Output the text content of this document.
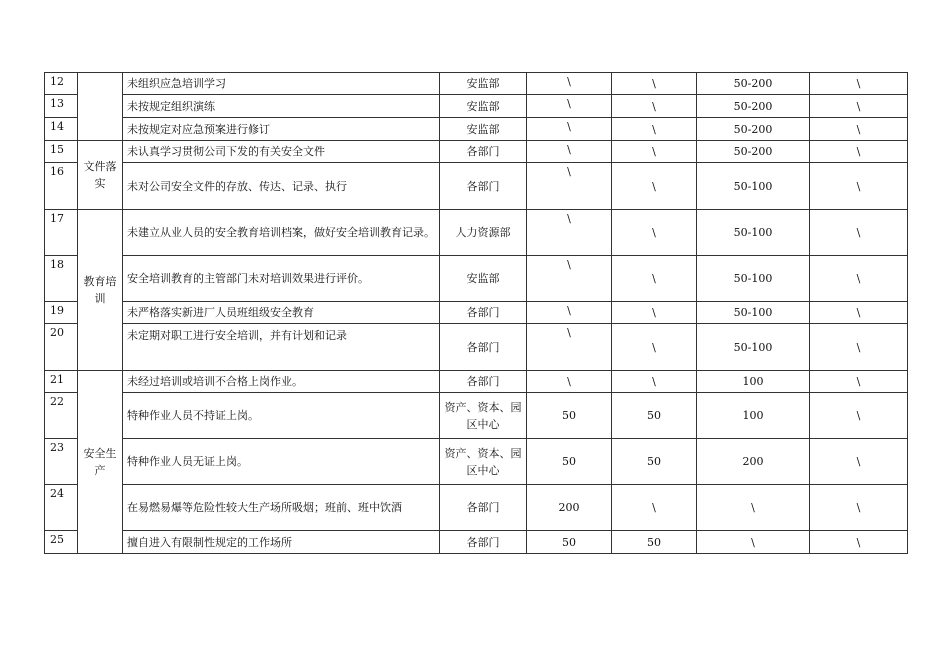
12		未组织应急培训学习	安监部	\	\	50-200	\
13		未按规定组织演练	安监部	\	\	50-200	\
14		未按规定对应急预案进行修订	安监部	\	\	50-200	\
15	文件落实	未认真学习贯彻公司下发的有关安全文件	各部门	\	\	50-200	\
16		未对公司安全文件的存放、传达、记录、执行	各部门	\	\	50-100	\
17	教育培训	未建立从业人员的安全教育培训档案，做好安全培训教育记录。	人力资源部	\	\	50-100	\
18		安全培训教育的主管部门未对培训效果进行评价。	安监部	\	\	50-100	\
19		未严格落实新进厂人员班组级安全教育	各部门	\	\	50-100	\
20		未定期对职工进行安全培训，并有计划和记录	各部门	\	\	50-100	\
21	安全生产	未经过培训或培训不合格上岗作业。	各部门	\	\	100	\
22		特种作业人员不持证上岗。	资产、资本、园区中心	50	50	100	\
23		特种作业人员无证上岗。	资产、资本、园区中心	50	50	200	\
24		在易燃易爆等危险性较大生产场所吸烟；班前、班中饮酒	各部门	200	\	\	\
25		擅自进入有限制性规定的工作场所	各部门	50	50	\	\
